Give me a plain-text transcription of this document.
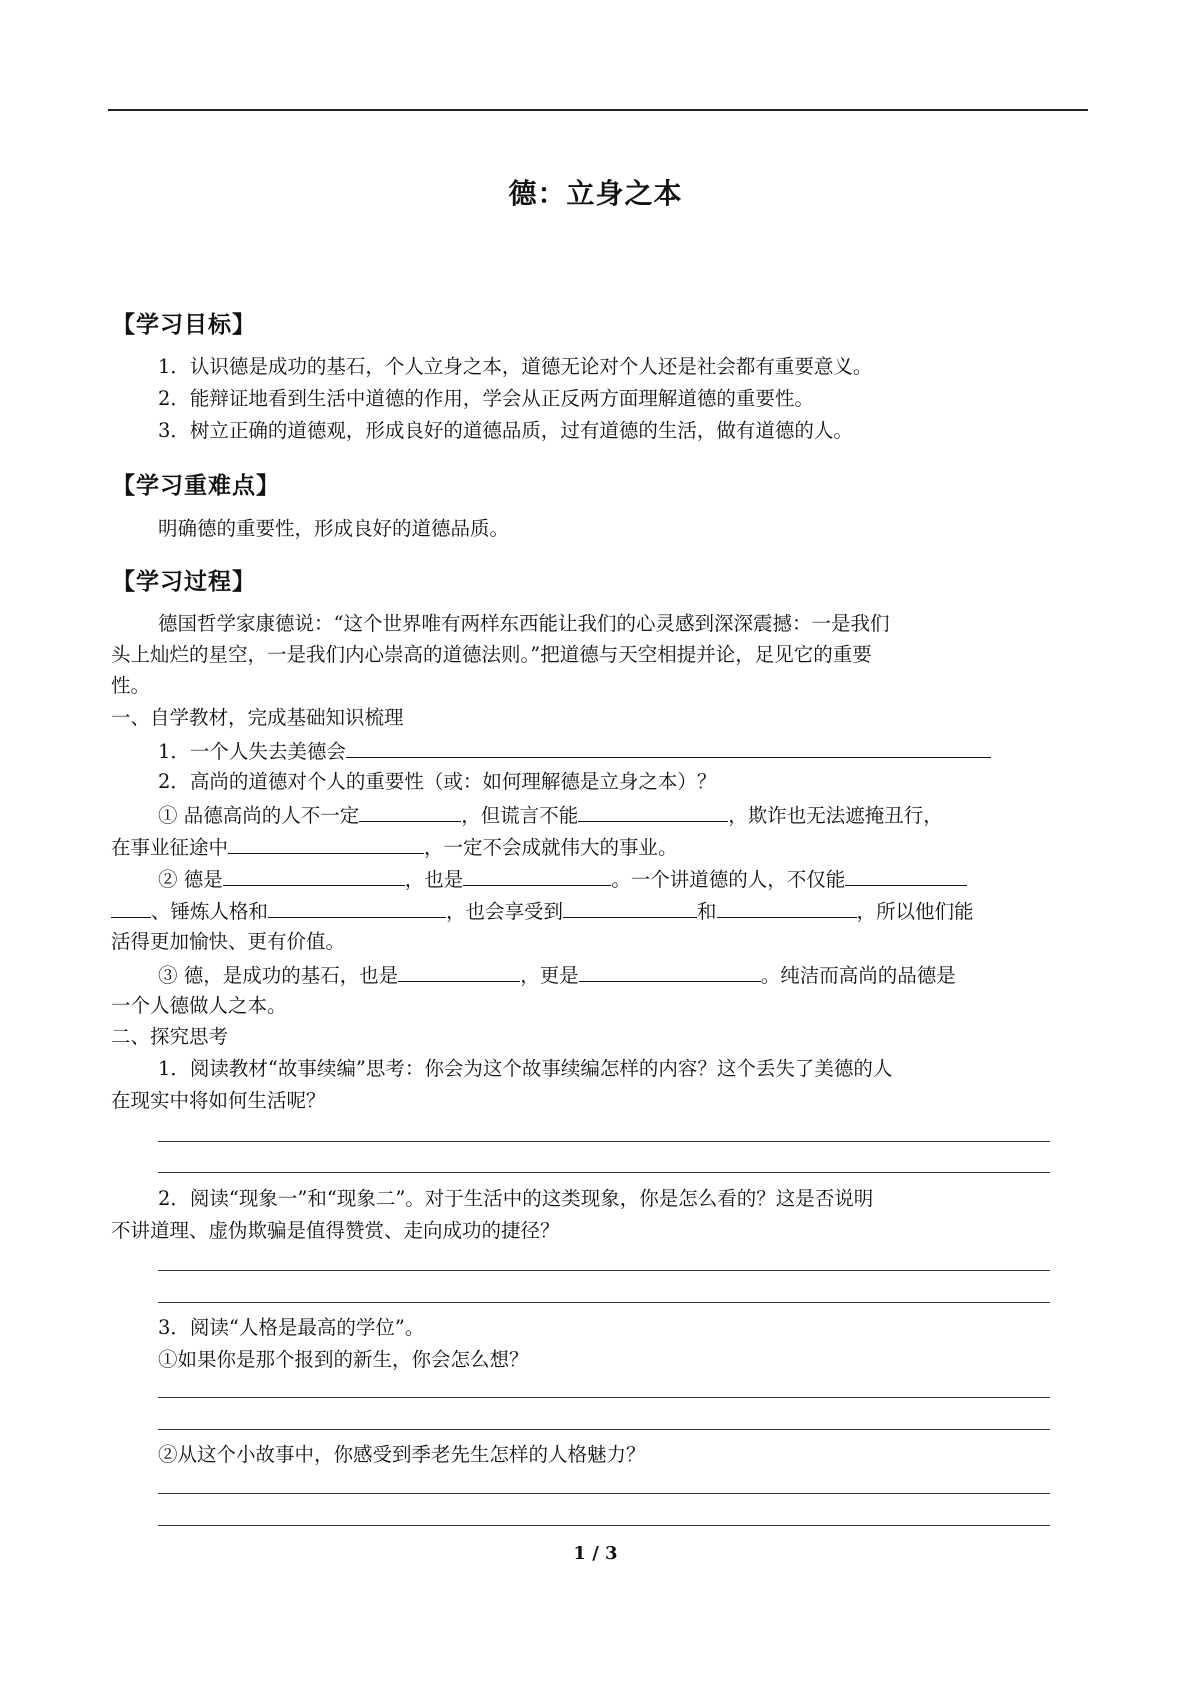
德：立身之本
【学习目标】
1．认识德是成功的基石，个人立身之本，道德无论对个人还是社会都有重要意义。
2．能辩证地看到生活中道德的作用，学会从正反两方面理解道德的重要性。
3．树立正确的道德观，形成良好的道德品质，过有道德的生活，做有道德的人。
【学习重难点】
明确德的重要性，形成良好的道德品质。
【学习过程】
德国哲学家康德说：“这个世界唯有两样东西能让我们的心灵感到深深震撼：一是我们
头上灿烂的星空，一是我们内心崇高的道德法则。”把道德与天空相提并论，足见它的重要
性。
一、自学教材，完成基础知识梳理
1．一个人失去美德会
2．高尚的道德对个人的重要性（或：如何理解德是立身之本）？
① 品德高尚的人不一定	，但谎言不能	，欺诈也无法遮掩丑行，
在事业征途中	，一定不会成就伟大的事业。
② 德是	，也是	。一个讲道德的人，不仅能
、锤炼人格和	，也会享受到	和	，所以他们能
活得更加愉快、更有价值。
③ 德，是成功的基石，也是	，更是	。纯洁而高尚的品德是
一个人德做人之本。
二、探究思考
1．阅读教材“故事续编”思考：你会为这个故事续编怎样的内容？这个丢失了美德的人
在现实中将如何生活呢？
2．阅读“现象一”和“现象二”。对于生活中的这类现象，你是怎么看的？这是否说明
不讲道理、虚伪欺骗是值得赞赏、走向成功的捷径？
3．阅读“人格是最高的学位”。
①如果你是那个报到的新生，你会怎么想？
②从这个小故事中，你感受到季老先生怎样的人格魅力？
1 / 3
